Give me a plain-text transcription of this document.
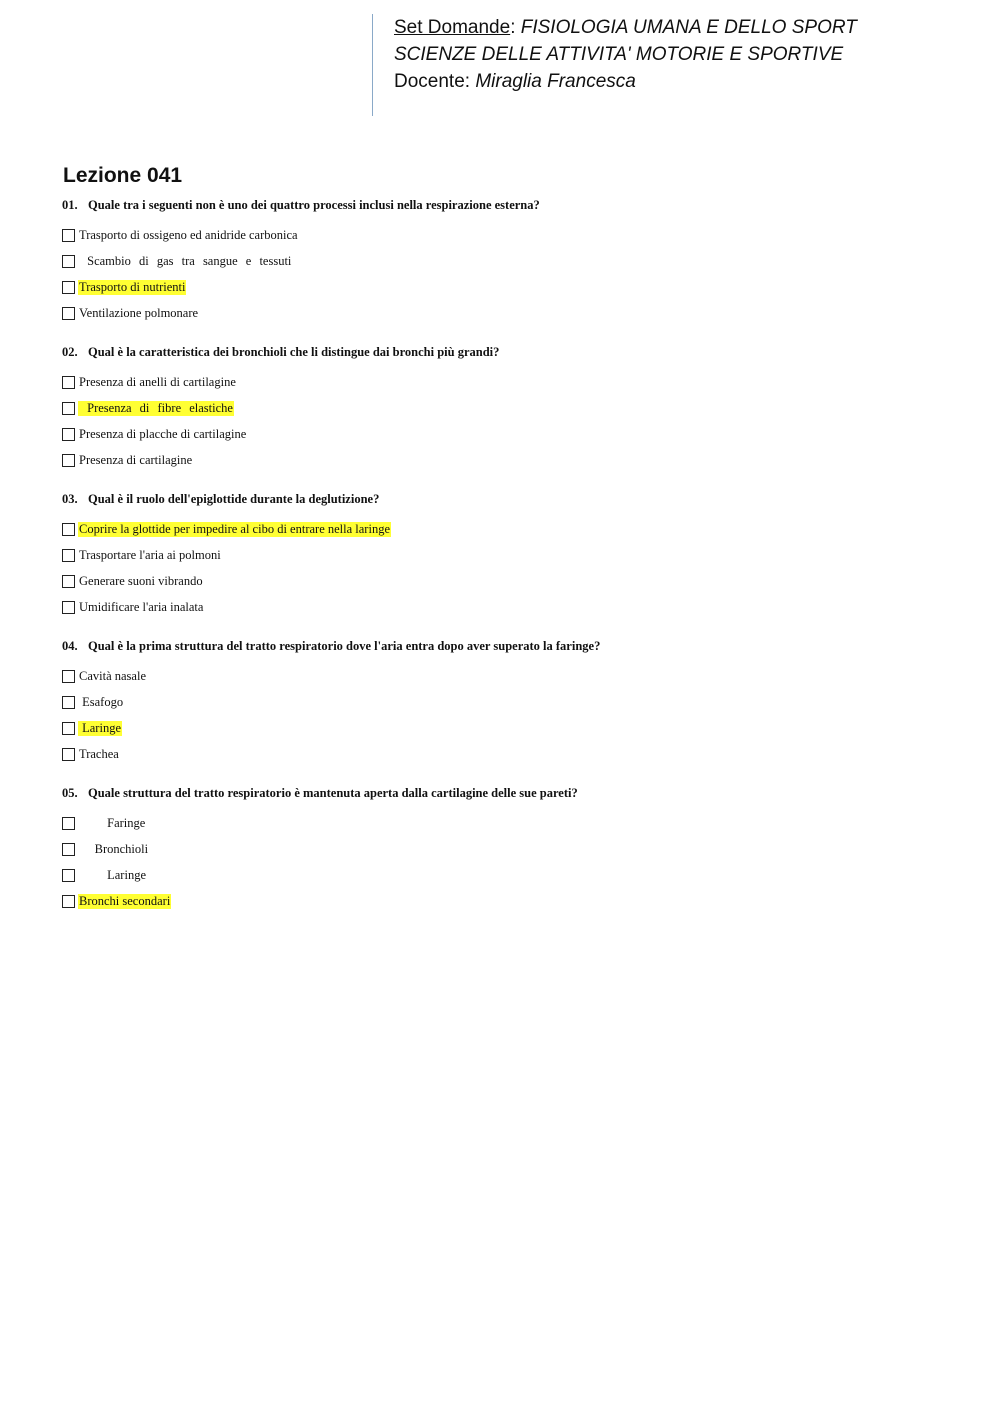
Set Domande: FISIOLOGIA UMANA E DELLO SPORT
SCIENZE DELLE ATTIVITA' MOTORIE E SPORTIVE
Docente: Miraglia Francesca
Lezione 041
01. Quale tra i seguenti non è uno dei quattro processi inclusi nella respirazione esterna?
Trasporto di ossigeno ed anidride carbonica
Scambio di gas tra sangue e tessuti
Trasporto di nutrienti
Ventilazione polmonare
02. Qual è la caratteristica dei bronchioli che li distingue dai bronchi più grandi?
Presenza di anelli di cartilagine
Presenza di fibre elastiche
Presenza di placche di cartilagine
Presenza di cartilagine
03. Qual è il ruolo dell'epiglottide durante la deglutizione?
Coprire la glottide per impedire al cibo di entrare nella laringe
Trasportare l'aria ai polmoni
Generare suoni vibrando
Umidificare l'aria inalata
04. Qual è la prima struttura del tratto respiratorio dove l'aria entra dopo aver superato la faringe?
Cavità nasale
Esafogo
Laringe
Trachea
05. Quale struttura del tratto respiratorio è mantenuta aperta dalla cartilagine delle sue pareti?
Faringe
Bronchioli
Laringe
Bronchi secondari
